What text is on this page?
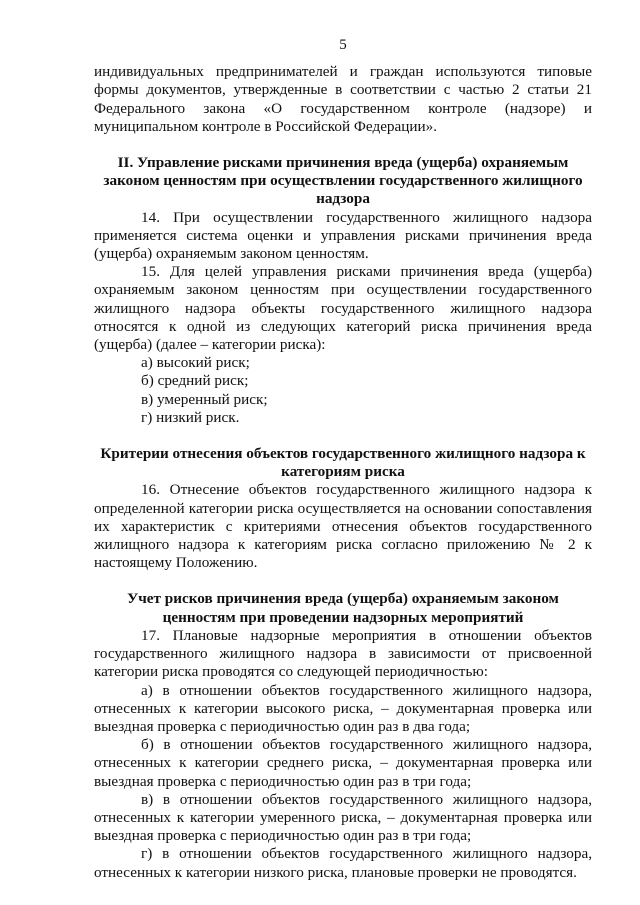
5

индивидуальных предпринимателей и граждан используются типовые формы документов, утвержденные в соответствии с частью 2 статьи 21 Федерального закона «О государственном контроле (надзоре) и муниципальном контроле в Российской Федерации».

II. Управление рисками причинения вреда (ущерба) охраняемым законом ценностям при осуществлении государственного жилищного надзора

14. При осуществлении государственного жилищного надзора применяется система оценки и управления рисками причинения вреда (ущерба) охраняемым законом ценностям.

15. Для целей управления рисками причинения вреда (ущерба) охраняемым законом ценностям при осуществлении государственного жилищного надзора объекты государственного жилищного надзора относятся к одной из следующих категорий риска причинения вреда (ущерба) (далее – категории риска):

а) высокий риск;

б) средний риск;

в) умеренный риск;

г) низкий риск.

Критерии отнесения объектов государственного жилищного надзора к категориям риска

16. Отнесение объектов государственного жилищного надзора к определенной категории риска осуществляется на основании сопоставления их характеристик с критериями отнесения объектов государственного жилищного надзора к категориям риска согласно приложению № 2 к настоящему Положению.

Учет рисков причинения вреда (ущерба) охраняемым законом ценностям при проведении надзорных мероприятий

17. Плановые надзорные мероприятия в отношении объектов государственного жилищного надзора в зависимости от присвоенной категории риска проводятся со следующей периодичностью:

а) в отношении объектов государственного жилищного надзора, отнесенных к категории высокого риска, – документарная проверка или выездная проверка с периодичностью один раз в два года;

б) в отношении объектов государственного жилищного надзора, отнесенных к категории среднего риска, – документарная проверка или выездная проверка с периодичностью один раз в три года;

в) в отношении объектов государственного жилищного надзора, отнесенных к категории умеренного риска, – документарная проверка или выездная проверка с периодичностью один раз в три года;

г) в отношении объектов государственного жилищного надзора, отнесенных к категории низкого риска, плановые проверки не проводятся.
